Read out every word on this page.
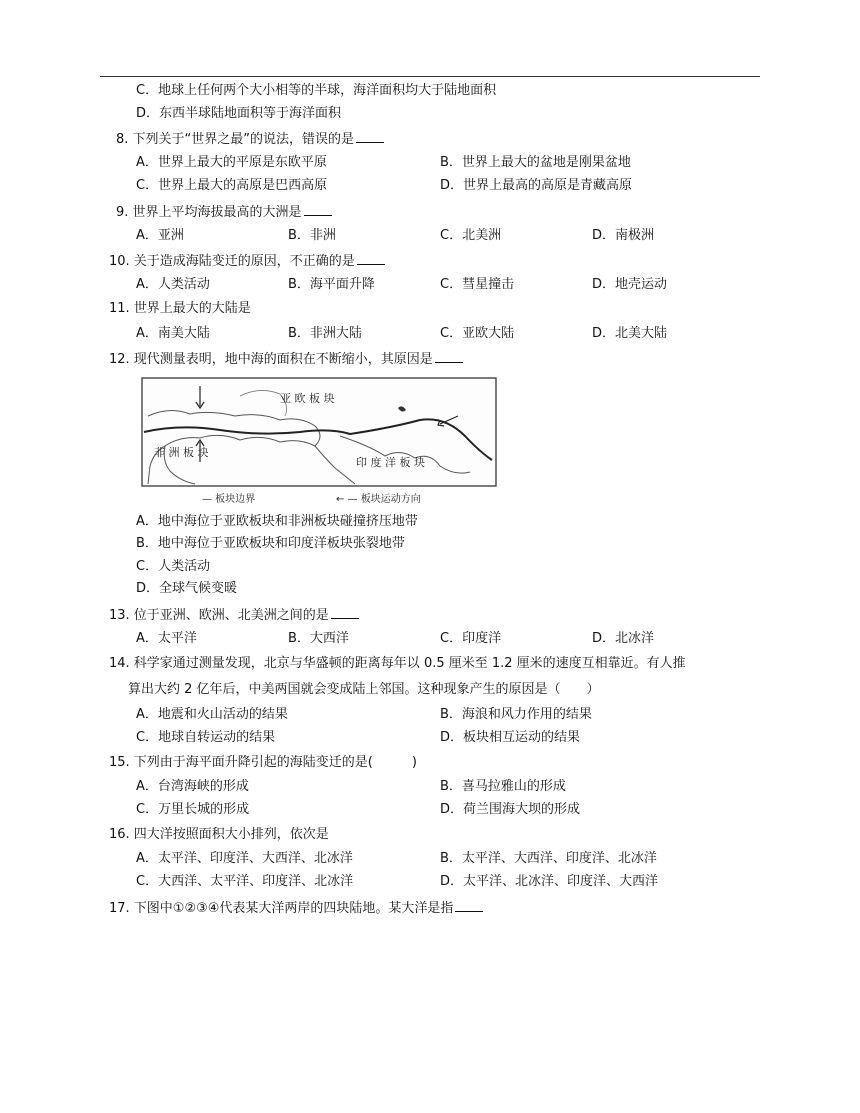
C．地球上任何两个大小相等的半球，海洋面积均大于陆地面积
D．东西半球陆地面积等于海洋面积
8. 下列关于“世界之最”的说法，错误的是
A．世界上最大的平原是东欧平原	B．世界上最大的盆地是刚果盆地
C．世界上最大的高原是巴西高原	D．世界上最高的高原是青藏高原
9. 世界上平均海拔最高的大洲是
A．亚洲	B．非洲	C．北美洲	D．南极洲
10. 关于造成海陆变迁的原因，不正确的是
A．人类活动	B．海平面升降	C．彗星撞击	D．地壳运动
11. 世界上最大的大陆是
A．南美大陆	B．非洲大陆	C．亚欧大陆	D．北美大陆
12. 现代测量表明，地中海的面积在不断缩小，其原因是
亚 欧 板 块
非 洲 板 块
印 度 洋 板 块
— 板块边界	← — 板块运动方向
A．地中海位于亚欧板块和非洲板块碰撞挤压地带
B．地中海位于亚欧板块和印度洋板块张裂地带
C．人类活动
D．全球气候变暖
13. 位于亚洲、欧洲、北美洲之间的是
A．太平洋	B．大西洋	C．印度洋	D．北冰洋
14. 科学家通过测量发现，北京与华盛顿的距离每年以 0.5 厘米至 1.2 厘米的速度互相靠近。有人推
算出大约 2 亿年后，中美两国就会变成陆上邻国。这种现象产生的原因是（　　）
A．地震和火山活动的结果	B．海浪和风力作用的结果
C．地球自转运动的结果	D．板块相互运动的结果
15. 下列由于海平面升降引起的海陆变迁的是(　　　)
A．台湾海峡的形成	B．喜马拉雅山的形成
C．万里长城的形成	D．荷兰围海大坝的形成
16. 四大洋按照面积大小排列，依次是
A．太平洋、印度洋、大西洋、北冰洋	B．太平洋、大西洋、印度洋、北冰洋
C．大西洋、太平洋、印度洋、北冰洋	D．太平洋、北冰洋、印度洋、大西洋
17. 下图中①②③④代表某大洋两岸的四块陆地。某大洋是指
